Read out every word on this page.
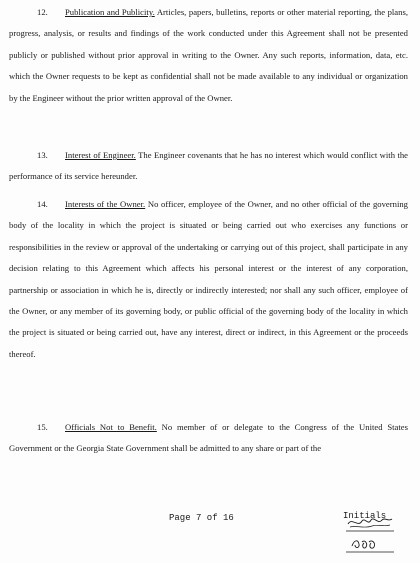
12. Publication and Publicity. Articles, papers, bulletins, reports or other material reporting, the plans, progress, analysis, or results and findings of the work conducted under this Agreement shall not be presented publicly or published without prior approval in writing to the Owner. Any such reports, information, data, etc. which the Owner requests to be kept as confidential shall not be made available to any individual or organization by the Engineer without the prior written approval of the Owner.

13. Interest of Engineer. The Engineer covenants that he has no interest which would conflict with the performance of its service hereunder.

14. Interests of the Owner. No officer, employee of the Owner, and no other official of the governing body of the locality in which the project is situated or being carried out who exercises any functions or responsibilities in the review or approval of the undertaking or carrying out of this project, shall participate in any decision relating to this Agreement which affects his personal interest or the interest of any corporation, partnership or association in which he is, directly or indirectly interested; nor shall any such officer, employee of the Owner, or any member of its governing body, or public official of the governing body of the locality in which the project is situated or being carried out, have any interest, direct or indirect, in this Agreement or the proceeds thereof.

15. Officials Not to Benefit. No member of or delegate to the Congress of the United States Government or the Georgia State Government shall be admitted to any share or part of the

Page 7 of 16	Initials
